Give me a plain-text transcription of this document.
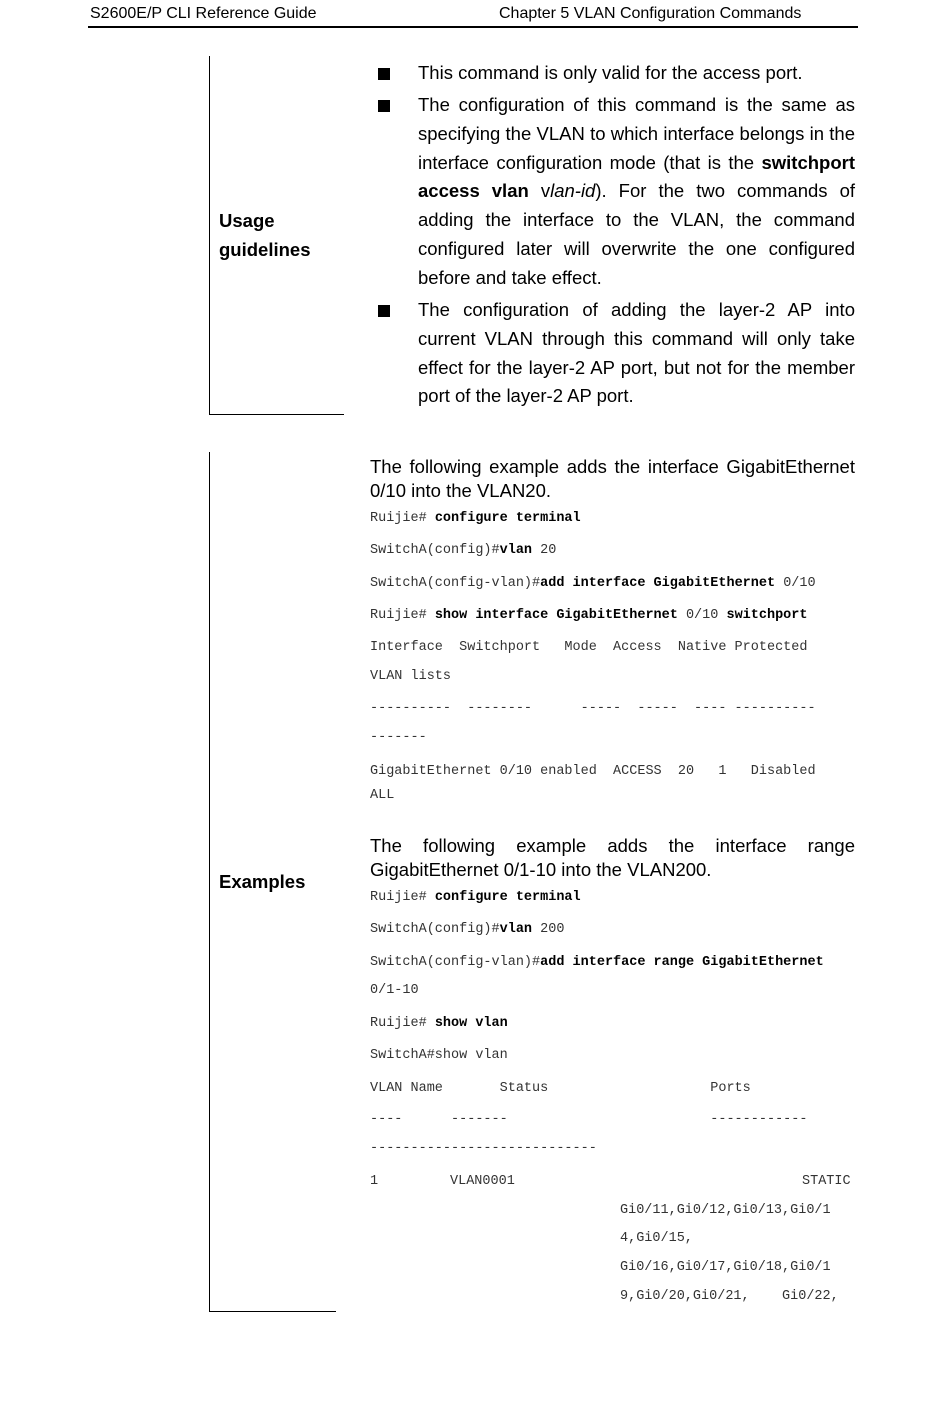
S2600E/P CLI Reference Guide	Chapter 5 VLAN Configuration Commands
Usage
guidelines
This command is only valid for the access port.
The configuration of this command is the same as specifying the VLAN to which interface belongs in the interface configuration mode (that is the switchport access vlan vlan-id). For the two commands of adding the interface to the VLAN, the command configured later will overwrite the one configured before and take effect.
The configuration of adding the layer-2 AP into current VLAN through this command will only take effect for the layer-2 AP port, but not for the member port of the layer-2 AP port.
Examples
The following example adds the interface GigabitEthernet 0/10 into the VLAN20.
Ruijie# configure terminal
SwitchA(config)#vlan 20
SwitchA(config-vlan)#add interface GigabitEthernet 0/10
Ruijie# show interface GigabitEthernet 0/10 switchport
Interface  Switchport   Mode  Access  Native Protected
VLAN lists
----------  --------      -----  -----  ---- ----------
-------
GigabitEthernet 0/10 enabled  ACCESS  20   1   Disabled
ALL
The following example adds the interface range GigabitEthernet 0/1-10 into the VLAN200.
Ruijie# configure terminal
SwitchA(config)#vlan 200
SwitchA(config-vlan)#add interface range GigabitEthernet
0/1-10
Ruijie# show vlan
SwitchA#show vlan
VLAN Name       Status                    Ports
----      -------                         ------------
----------------------------
1	VLAN0001	STATIC
Gi0/11,Gi0/12,Gi0/13,Gi0/1
4,Gi0/15,
Gi0/16,Gi0/17,Gi0/18,Gi0/1
9,Gi0/20,Gi0/21,    Gi0/22,
